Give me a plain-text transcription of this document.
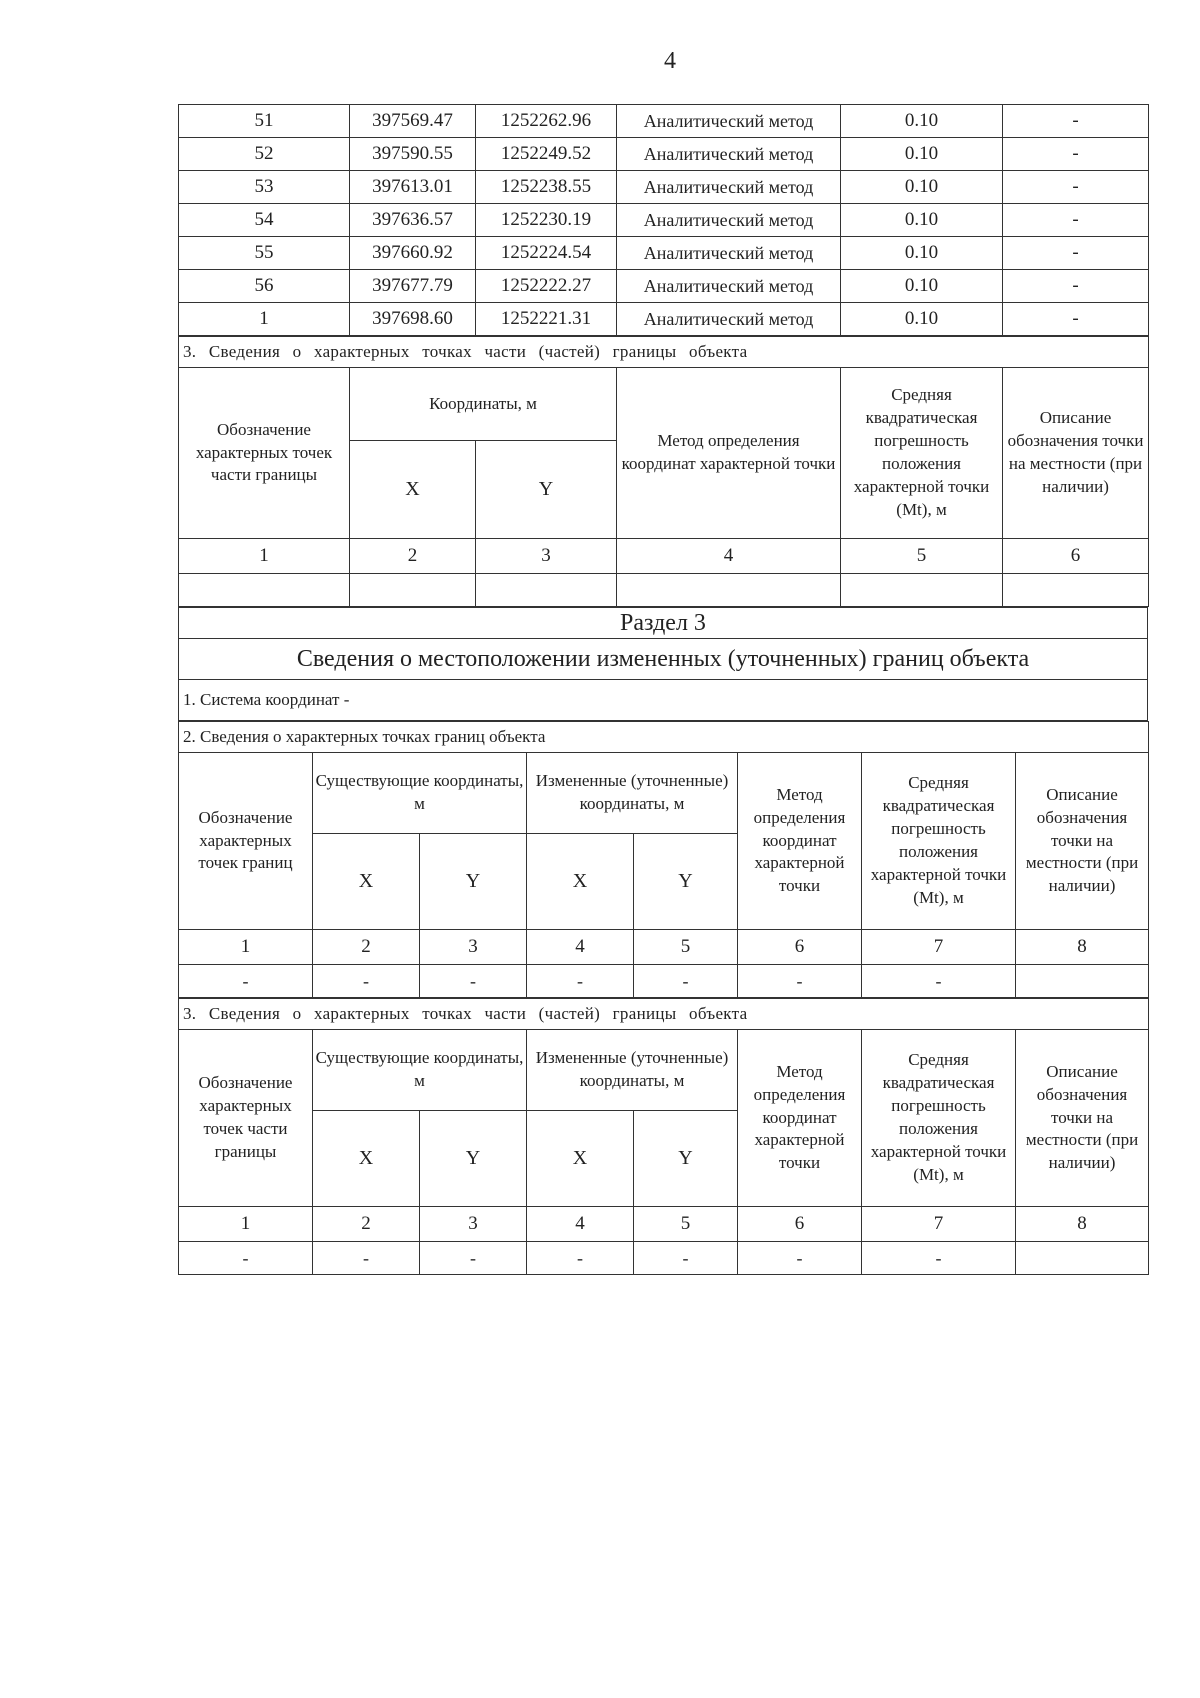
4
51	397569.47	1252262.96	Аналитический метод	0.10	-
52	397590.55	1252249.52	Аналитический метод	0.10	-
53	397613.01	1252238.55	Аналитический метод	0.10	-
54	397636.57	1252230.19	Аналитический метод	0.10	-
55	397660.92	1252224.54	Аналитический метод	0.10	-
56	397677.79	1252222.27	Аналитический метод	0.10	-
1	397698.60	1252221.31	Аналитический метод	0.10	-
3. Сведения о характерных точках части (частей) границы объекта					
Обозначение характерных точек части границы	Координаты, м		Метод определения координат характерной точки	Средняя квадратическая погрешность положения характерной точки (Mt), м	Описание обозначения точки на местности (при наличии)
	X	Y			
1	2	3	4	5	6

Раздел 3
Сведения о местоположении измененных (уточненных) границ объекта
1. Система координат -
2. Сведения о характерных точках границ объекта							
Обозначение характерных точек границ	Существующие координаты, м		Измененные (уточненные) координаты, м		Метод определения координат характерной точки	Средняя квадратическая погрешность положения характерной точки (Mt), м	Описание обозначения точки на местности (при наличии)
	X	Y	X	Y			
1	2	3	4	5	6	7	8
-	-	-	-	-	-	-	
3. Сведения о характерных точках части (частей) границы объекта							
Обозначение характерных точек части границы	Существующие координаты, м		Измененные (уточненные) координаты, м		Метод определения координат характерной точки	Средняя квадратическая погрешность положения характерной точки (Mt), м	Описание обозначения точки на местности (при наличии)
	X	Y	X	Y			
1	2	3	4	5	6	7	8
-	-	-	-	-	-	-	
